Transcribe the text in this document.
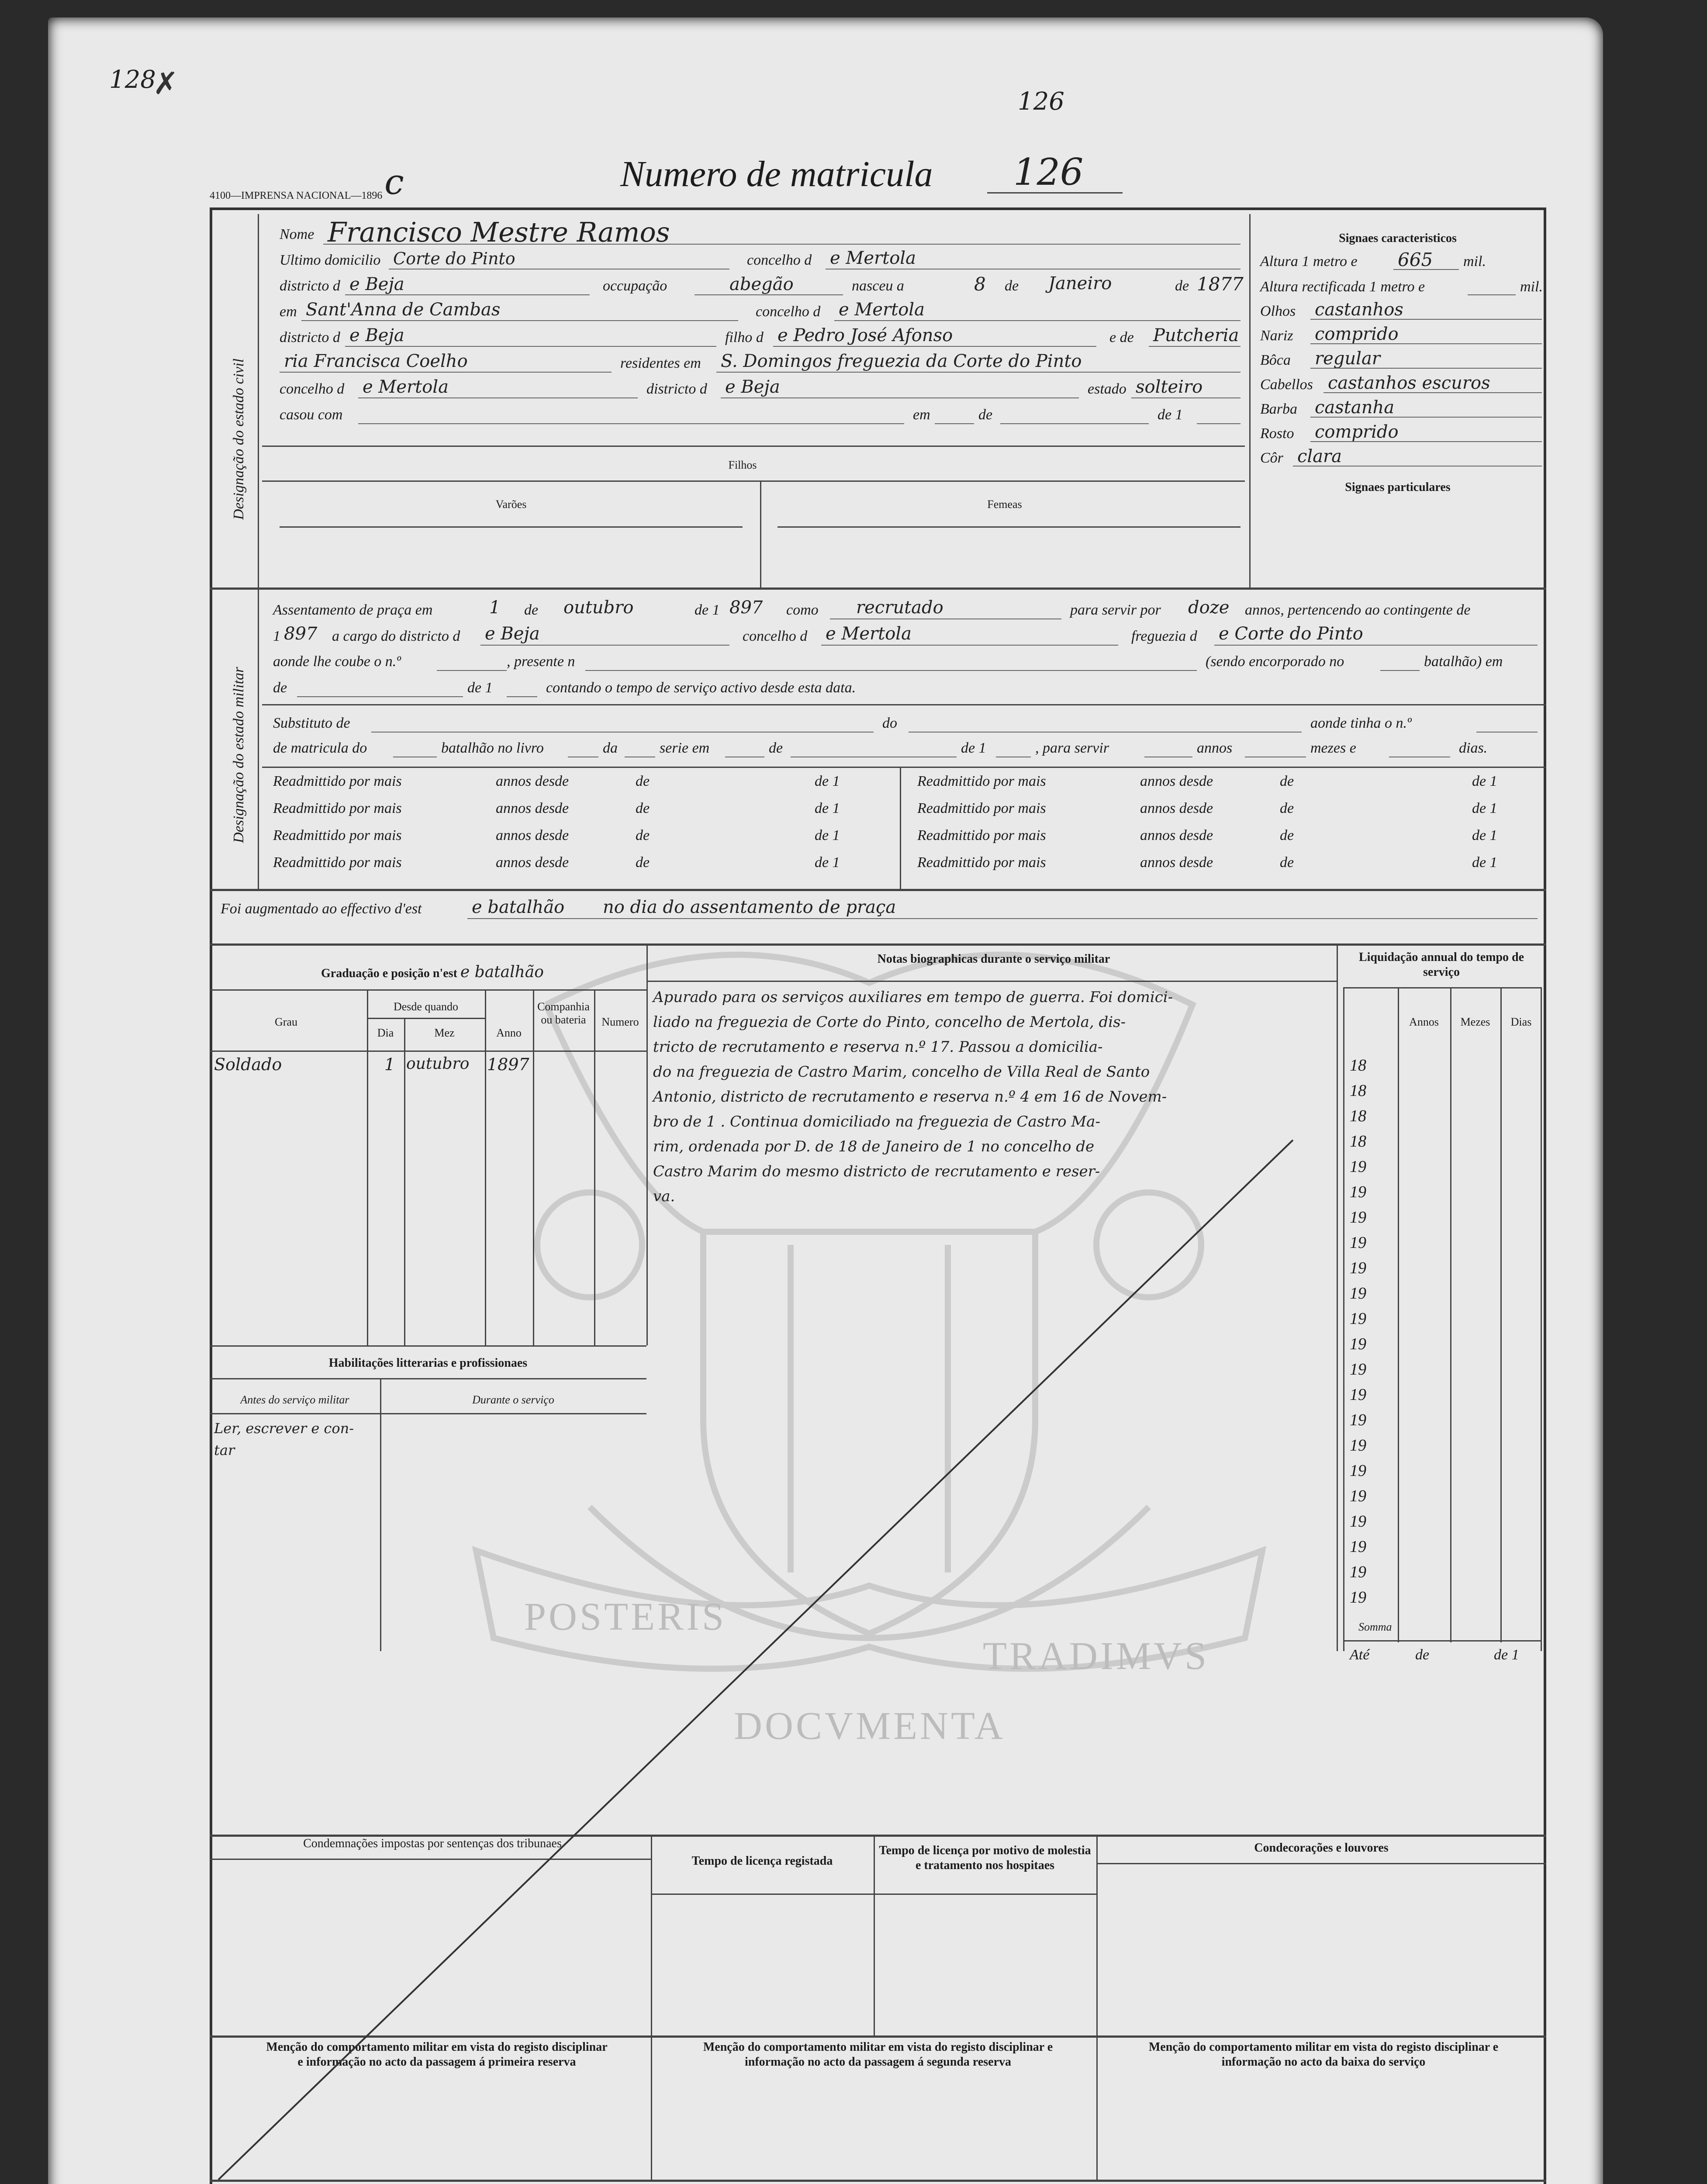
128
✗
126
c
4100—IMPRENSA NACIONAL—1896
Numero de matricula 126
POSTERIS
TRADIMVS
DOCVMENTA
Designação do estado civil
Nome Francisco Mestre Ramos
Ultimo domicilio Corte do Pinto	concelho d e Mertola
districto d e Beja	occupação	abegão	nasceu a	8 de Janeiro	de 1877
em Sant'Anna de Cambas	concelho d e Mertola
districto d e Beja	filho d e Pedro José Afonso	e de Putcheria
ria Francisca Coelho	residentes em S. Domingos freguezia da Corte do Pinto
concelho d e Mertola	districto d e Beja	estado solteiro
casou com	em	de	de 1
Filhos
Varões	Femeas
Signaes caracteristicos
Altura 1 metro e 665 mil.
Altura rectificada 1 metro e	mil.
Olhos castanhos
Nariz comprido
Bôca regular
Cabellos castanhos escuros
Barba castanha
Rosto comprido
Côr clara
Signaes particulares
Designação do estado militar
Assentamento de praça em	1 de outubro	de 1 897 como recrutado	para servir por doze annos, pertencendo ao contingente de
1 897 a cargo do districto d e Beja	concelho d e Mertola	freguezia d e Corte do Pinto
aonde lhe coube o n.º	, presente n	(sendo encorporado no	batalhão) em
de	de 1	contando o tempo de serviço activo desde esta data.
Substituto de	do	aonde tinha o n.º
de matricula do	batalhão no livro	da	serie em	de	de 1	, para servir	annos	mezes e	dias.
Readmittido por mais	annos desde	de	de 1
Readmittido por mais	annos desde	de	de 1
Readmittido por mais	annos desde	de	de 1
Readmittido por mais	annos desde	de	de 1
Readmittido por mais	annos desde	de	de 1
Readmittido por mais	annos desde	de	de 1
Readmittido por mais	annos desde	de	de 1
Readmittido por mais	annos desde	de	de 1
Foi augmentado ao effectivo d'est	e batalhão no dia do assentamento de praça
Graduação e posição n'est e batalhão
Grau
Desde quando
Dia	Mez	Anno
Companhia ou bateria	Numero
Soldado	1 outubro 1897
Notas biographicas durante o serviço militar
Apurado para os serviços auxiliares em tempo de guerra. Foi domici-
liado na freguezia de Corte do Pinto, concelho de Mertola, dis-
tricto de recrutamento e reserva n.º 17. Passou a domicilia-
do na freguezia de Castro Marim, concelho de Villa Real de Santo
Antonio, districto de recrutamento e reserva n.º 4 em 16 de Novem-
bro de 1 . Continua domiciliado na freguezia de Castro Ma-
rim, ordenada por D. de 18 de Janeiro de 1 no concelho de
Castro Marim do mesmo districto de recrutamento e reser-
va.
Liquidação annual do tempo de serviço
Annos	Mezes	Dias
18
18
18
18
19
19
19
19
19
19
19
19
19
19
19
19
19
19
19
19
19
19
Somma
Até	de	de 1
Habilitações litterarias e profissionaes
Antes do serviço militar	Durante o serviço
Ler, escrever e con-
tar
Condemnações impostas por sentenças dos tribunaes
Tempo de licença registada
Tempo de licença por motivo de molestia e tratamento nos hospitaes
Condecorações e louvores
Menção do comportamento militar em vista do registo disciplinar e informação no acto da passagem á primeira reserva
Menção do comportamento militar em vista do registo disciplinar e informação no acto da passagem á segunda reserva
Menção do comportamento militar em vista do registo disciplinar e informação no acto da baixa do serviço
